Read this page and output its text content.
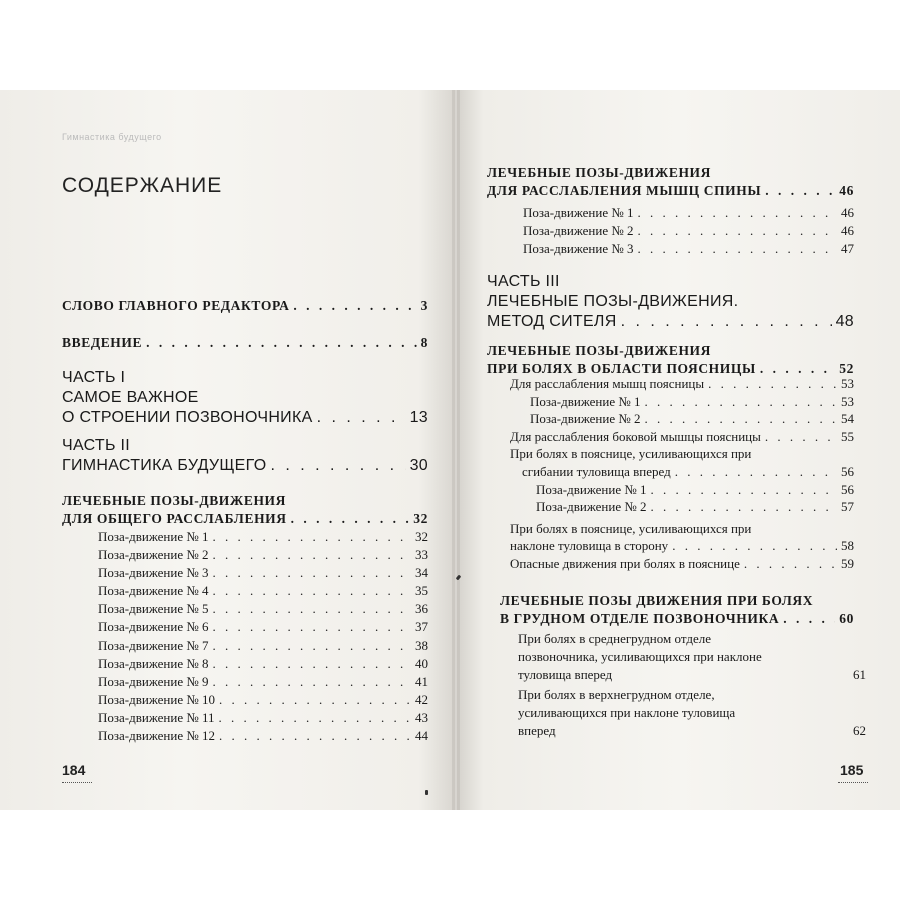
Гимнастика будущего
СОДЕРЖАНИЕ
СЛОВО ГЛАВНОГО РЕДАКТОРА . . .	3
ВВЕДЕНИЕ . . .	8
ЧАСТЬ I
САМОЕ ВАЖНОЕ
О СТРОЕНИИ ПОЗВОНОЧНИКА . . .	13
ЧАСТЬ II
ГИМНАСТИКА БУДУЩЕГО . . .	30
ЛЕЧЕБНЫЕ ПОЗЫ-ДВИЖЕНИЯ
ДЛЯ ОБЩЕГО РАССЛАБЛЕНИЯ . . .	32
Поза-движение № 1 . . .	32
Поза-движение № 2 . . .	33
Поза-движение № 3 . . .	34
Поза-движение № 4 . . .	35
Поза-движение № 5 . . .	36
Поза-движение № 6 . . .	37
Поза-движение № 7 . . .	38
Поза-движение № 8 . . .	40
Поза-движение № 9 . . .	41
Поза-движение № 10 . . .	42
Поза-движение № 11 . . .	43
Поза-движение № 12 . . .	44
184
ЛЕЧЕБНЫЕ ПОЗЫ-ДВИЖЕНИЯ
ДЛЯ РАССЛАБЛЕНИЯ МЫШЦ СПИНЫ . . .	46
Поза-движение № 1 . . .	46
Поза-движение № 2 . . .	46
Поза-движение № 3 . . .	47
ЧАСТЬ III
ЛЕЧЕБНЫЕ ПОЗЫ-ДВИЖЕНИЯ.
МЕТОД СИТЕЛЯ . . .	48
ЛЕЧЕБНЫЕ ПОЗЫ-ДВИЖЕНИЯ
ПРИ БОЛЯХ В ОБЛАСТИ ПОЯСНИЦЫ . . .	52
Для расслабления мышц поясницы . . .	53
Поза-движение № 1 . . .	53
Поза-движение № 2 . . .	54
Для расслабления боковой мышцы поясницы . . .	55
При болях в пояснице, усиливающихся при
сгибании туловища вперед . . .	56
Поза-движение № 1 . . .	56
Поза-движение № 2 . . .	57
При болях в пояснице, усиливающихся при
наклоне туловища в сторону . . .	58
Опасные движения при болях в пояснице . . .	59
ЛЕЧЕБНЫЕ ПОЗЫ ДВИЖЕНИЯ ПРИ БОЛЯХ
В ГРУДНОМ ОТДЕЛЕ ПОЗВОНОЧНИКА . . .	60
При болях в среднегрудном отделе
позвоночника, усиливающихся при наклоне
туловища вперед	61
При болях в верхнегрудном отделе,
усиливающихся при наклоне туловища
вперед	62
185
